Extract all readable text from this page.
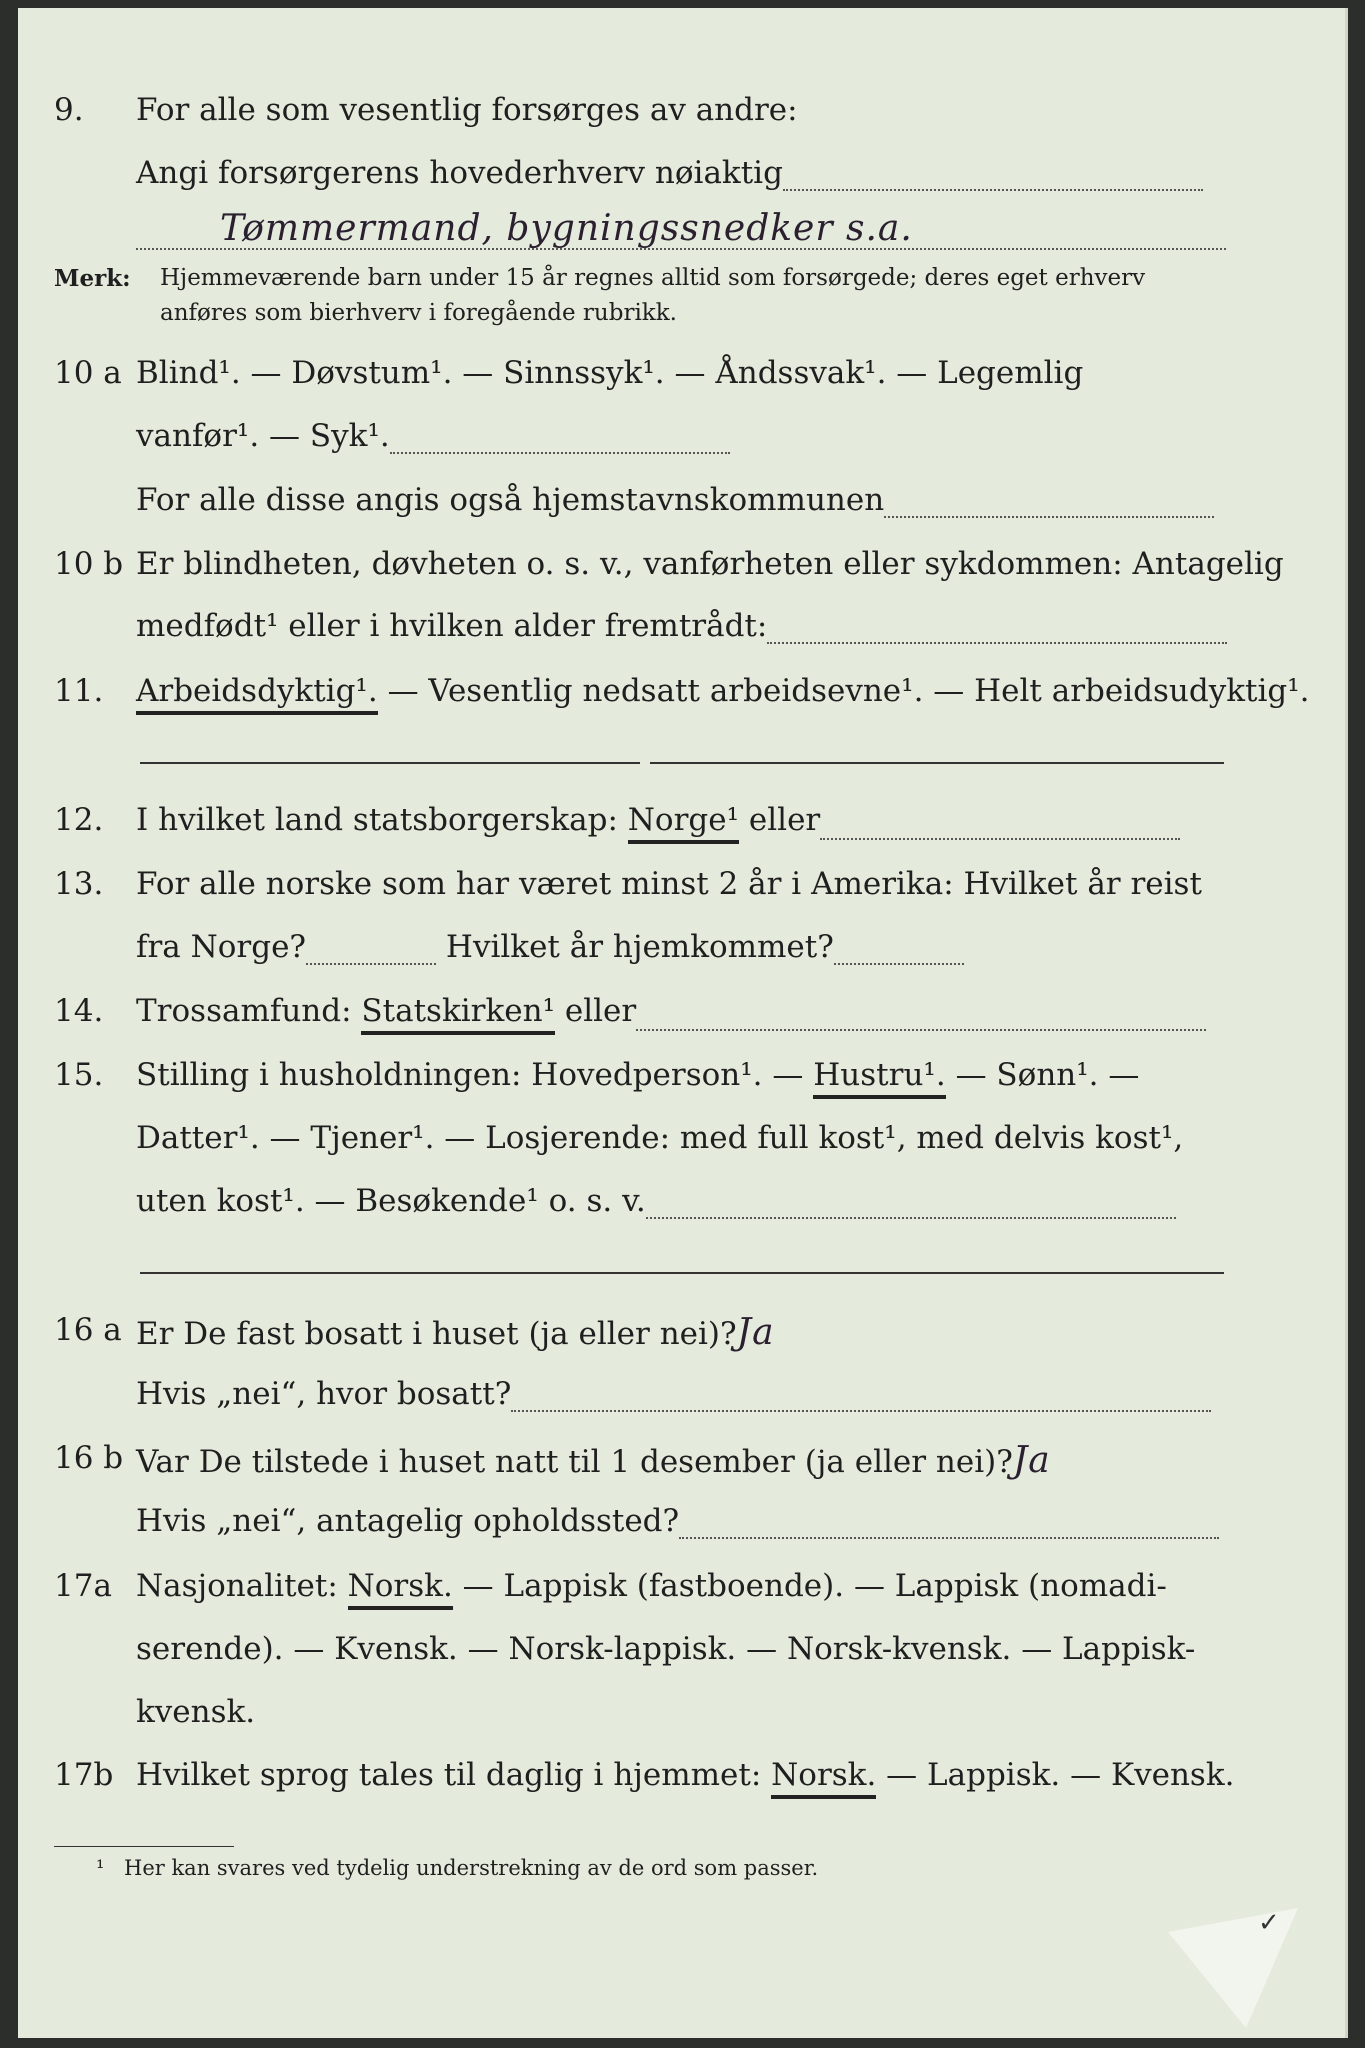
✓
9. For alle som vesentlig forsørges av andre:
Angi forsørgerens hovederhverv nøiaktig
Tømmermand, bygningssnedker s.a.
Merk: Hjemmeværende barn under 15 år regnes alltid som forsørgede; deres eget erhverv
anføres som bierhverv i foregående rubrikk.
10 a Blind¹. — Døvstum¹. — Sinnssyk¹. — Åndssvak¹. — Legemlig
vanfør¹. — Syk¹.
For alle disse angis også hjemstavnskommunen
10 b Er blindheten, døvheten o. s. v., vanførheten eller sykdommen: Antagelig
medfødt¹ eller i hvilken alder fremtrådt:
11. Arbeidsdyktig¹. — Vesentlig nedsatt arbeidsevne¹. — Helt arbeidsudyktig¹.
12. I hvilket land statsborgerskap: Norge¹ eller
13. For alle norske som har været minst 2 år i Amerika: Hvilket år reist
fra Norge?	Hvilket år hjemkommet?
14. Trossamfund: Statskirken¹ eller
15. Stilling i husholdningen: Hovedperson¹. — Hustru¹. — Sønn¹. —
Datter¹. — Tjener¹. — Losjerende: med full kost¹, med delvis kost¹,
uten kost¹. — Besøkende¹ o. s. v.
16 a Er De fast bosatt i huset (ja eller nei)?Ja
Hvis „nei“, hvor bosatt?
16 b Var De tilstede i huset natt til 1 desember (ja eller nei)?Ja
Hvis „nei“, antagelig opholdssted?
17a Nasjonalitet: Norsk. — Lappisk (fastboende). — Lappisk (nomadi-
serende). — Kvensk. — Norsk-lappisk. — Norsk-kvensk. — Lappisk-
kvensk.
17b Hvilket sprog tales til daglig i hjemmet: Norsk. — Lappisk. — Kvensk.
¹ Her kan svares ved tydelig understrekning av de ord som passer.
